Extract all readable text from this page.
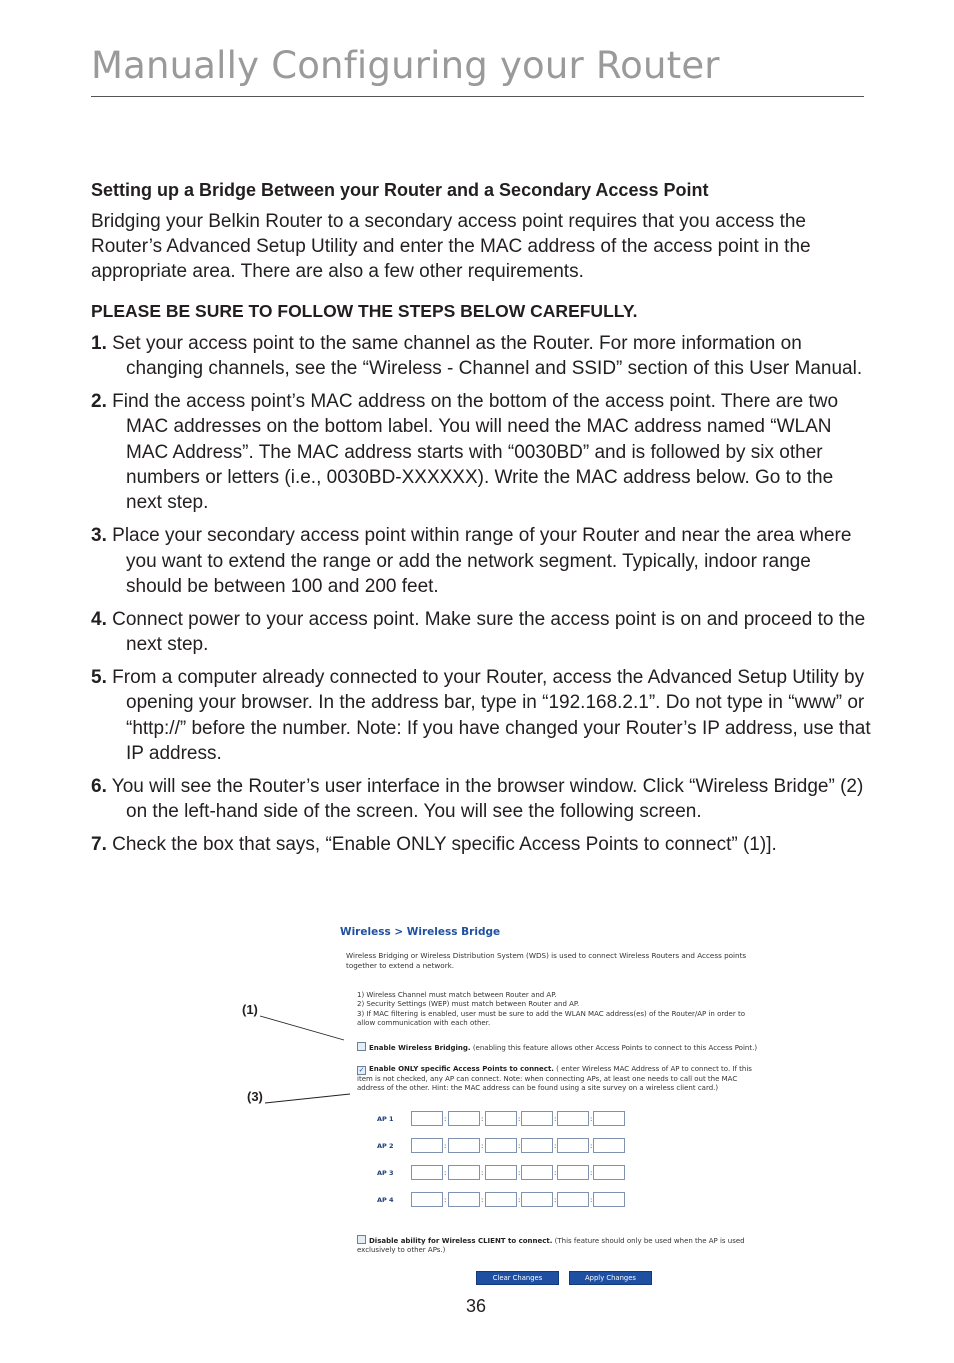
Manually Configuring your Router
Setting up a Bridge Between your Router and a Secondary Access Point

Bridging your Belkin Router to a secondary access point requires that you access the Router’s Advanced Setup Utility and enter the MAC address of the access point in the appropriate area. There are also a few other requirements.

PLEASE BE SURE TO FOLLOW THE STEPS BELOW CAREFULLY.
1. Set your access point to the same channel as the Router. For more information on changing channels, see the “Wireless - Channel and SSID” section of this User Manual.
2. Find the access point’s MAC address on the bottom of the access point. There are two MAC addresses on the bottom label. You will need the MAC address named “WLAN MAC Address”. The MAC address starts with “0030BD” and is followed by six other numbers or letters (i.e., 0030BD-XXXXXX). Write the MAC address below. Go to the next step.
3. Place your secondary access point within range of your Router and near the area where you want to extend the range or add the network segment. Typically, indoor range should be between 100 and 200 feet.
4. Connect power to your access point. Make sure the access point is on and proceed to the next step.
5. From a computer already connected to your Router, access the Advanced Setup Utility by opening your browser. In the address bar, type in “192.168.2.1”. Do not type in “www” or “http://” before the number. Note: If you have changed your Router’s IP address, use that IP address.
6. You will see the Router’s user interface in the browser window. Click “Wireless Bridge” (2) on the left-hand side of the screen. You will see the following screen.
7. Check the box that says, “Enable ONLY specific Access Points to connect” (1)].
Wireless > Wireless Bridge

Wireless Bridging or Wireless Distribution System (WDS) is used to connect Wireless Routers and Access points together to extend a network.

1) Wireless Channel must match between Router and AP.
2) Security Settings (WEP) must match between Router and AP.
3) If MAC filtering is enabled, user must be sure to add the WLAN MAC address(es) of the Router/AP in order to allow communication with each other.

Enable Wireless Bridging. (enabling this feature allows other Access Points to connect to this Access Point.)

✓ Enable ONLY specific Access Points to connect. ( enter Wireless MAC Address of AP to connect to. If this item is not checked, any AP can connect. Note: when connecting APs, at least one needs to call out the MAC address of the other. Hint: the MAC address can be found using a site survey on a wireless client card.)

AP 1	:	:	:	:	:
AP 2	:	:	:	:	:
AP 3	:	:	:	:	:
AP 4	:	:	:	:	:

Disable ability for Wireless CLIENT to connect. (This feature should only be used when the AP is used exclusively to other APs.)

Clear Changes	Apply Changes
(1)
(3)
36
